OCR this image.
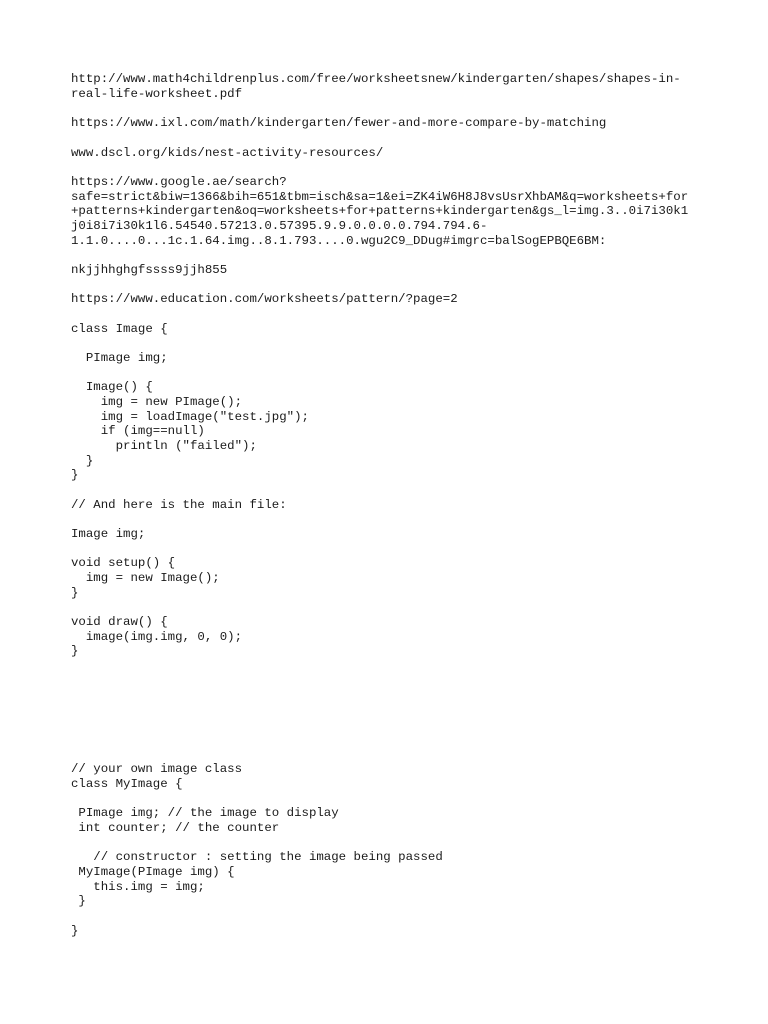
http://www.math4childrenplus.com/free/worksheetsnew/kindergarten/shapes/shapes-in-

real-life-worksheet.pdf

https://www.ixl.com/math/kindergarten/fewer-and-more-compare-by-matching

www.dscl.org/kids/nest-activity-resources/

https://www.google.ae/search?

safe=strict&biw=1366&bih=651&tbm=isch&sa=1&ei=ZK4iW6H8J8vsUsrXhbAM&q=worksheets+for

+patterns+kindergarten&oq=worksheets+for+patterns+kindergarten&gs_l=img.3..0i7i30k1

j0i8i7i30k1l6.54540.57213.0.57395.9.9.0.0.0.0.794.794.6-

1.1.0....0...1c.1.64.img..8.1.793....0.wgu2C9_DDug#imgrc=balSogEPBQE6BM:

nkjjhhghgfssss9jjh855

https://www.education.com/worksheets/pattern/?page=2

class Image {

PImage img;

Image() {

img = new PImage();

img = loadImage("test.jpg");

if (img==null)

println ("failed");

}

}

// And here is the main file:

Image img;

void setup() {

img = new Image();

}

void draw() {

image(img.img, 0, 0);

}

// your own image class

class MyImage {

PImage img; // the image to display

int counter; // the counter

// constructor : setting the image being passed

MyImage(PImage img) {

this.img = img;

}

}
